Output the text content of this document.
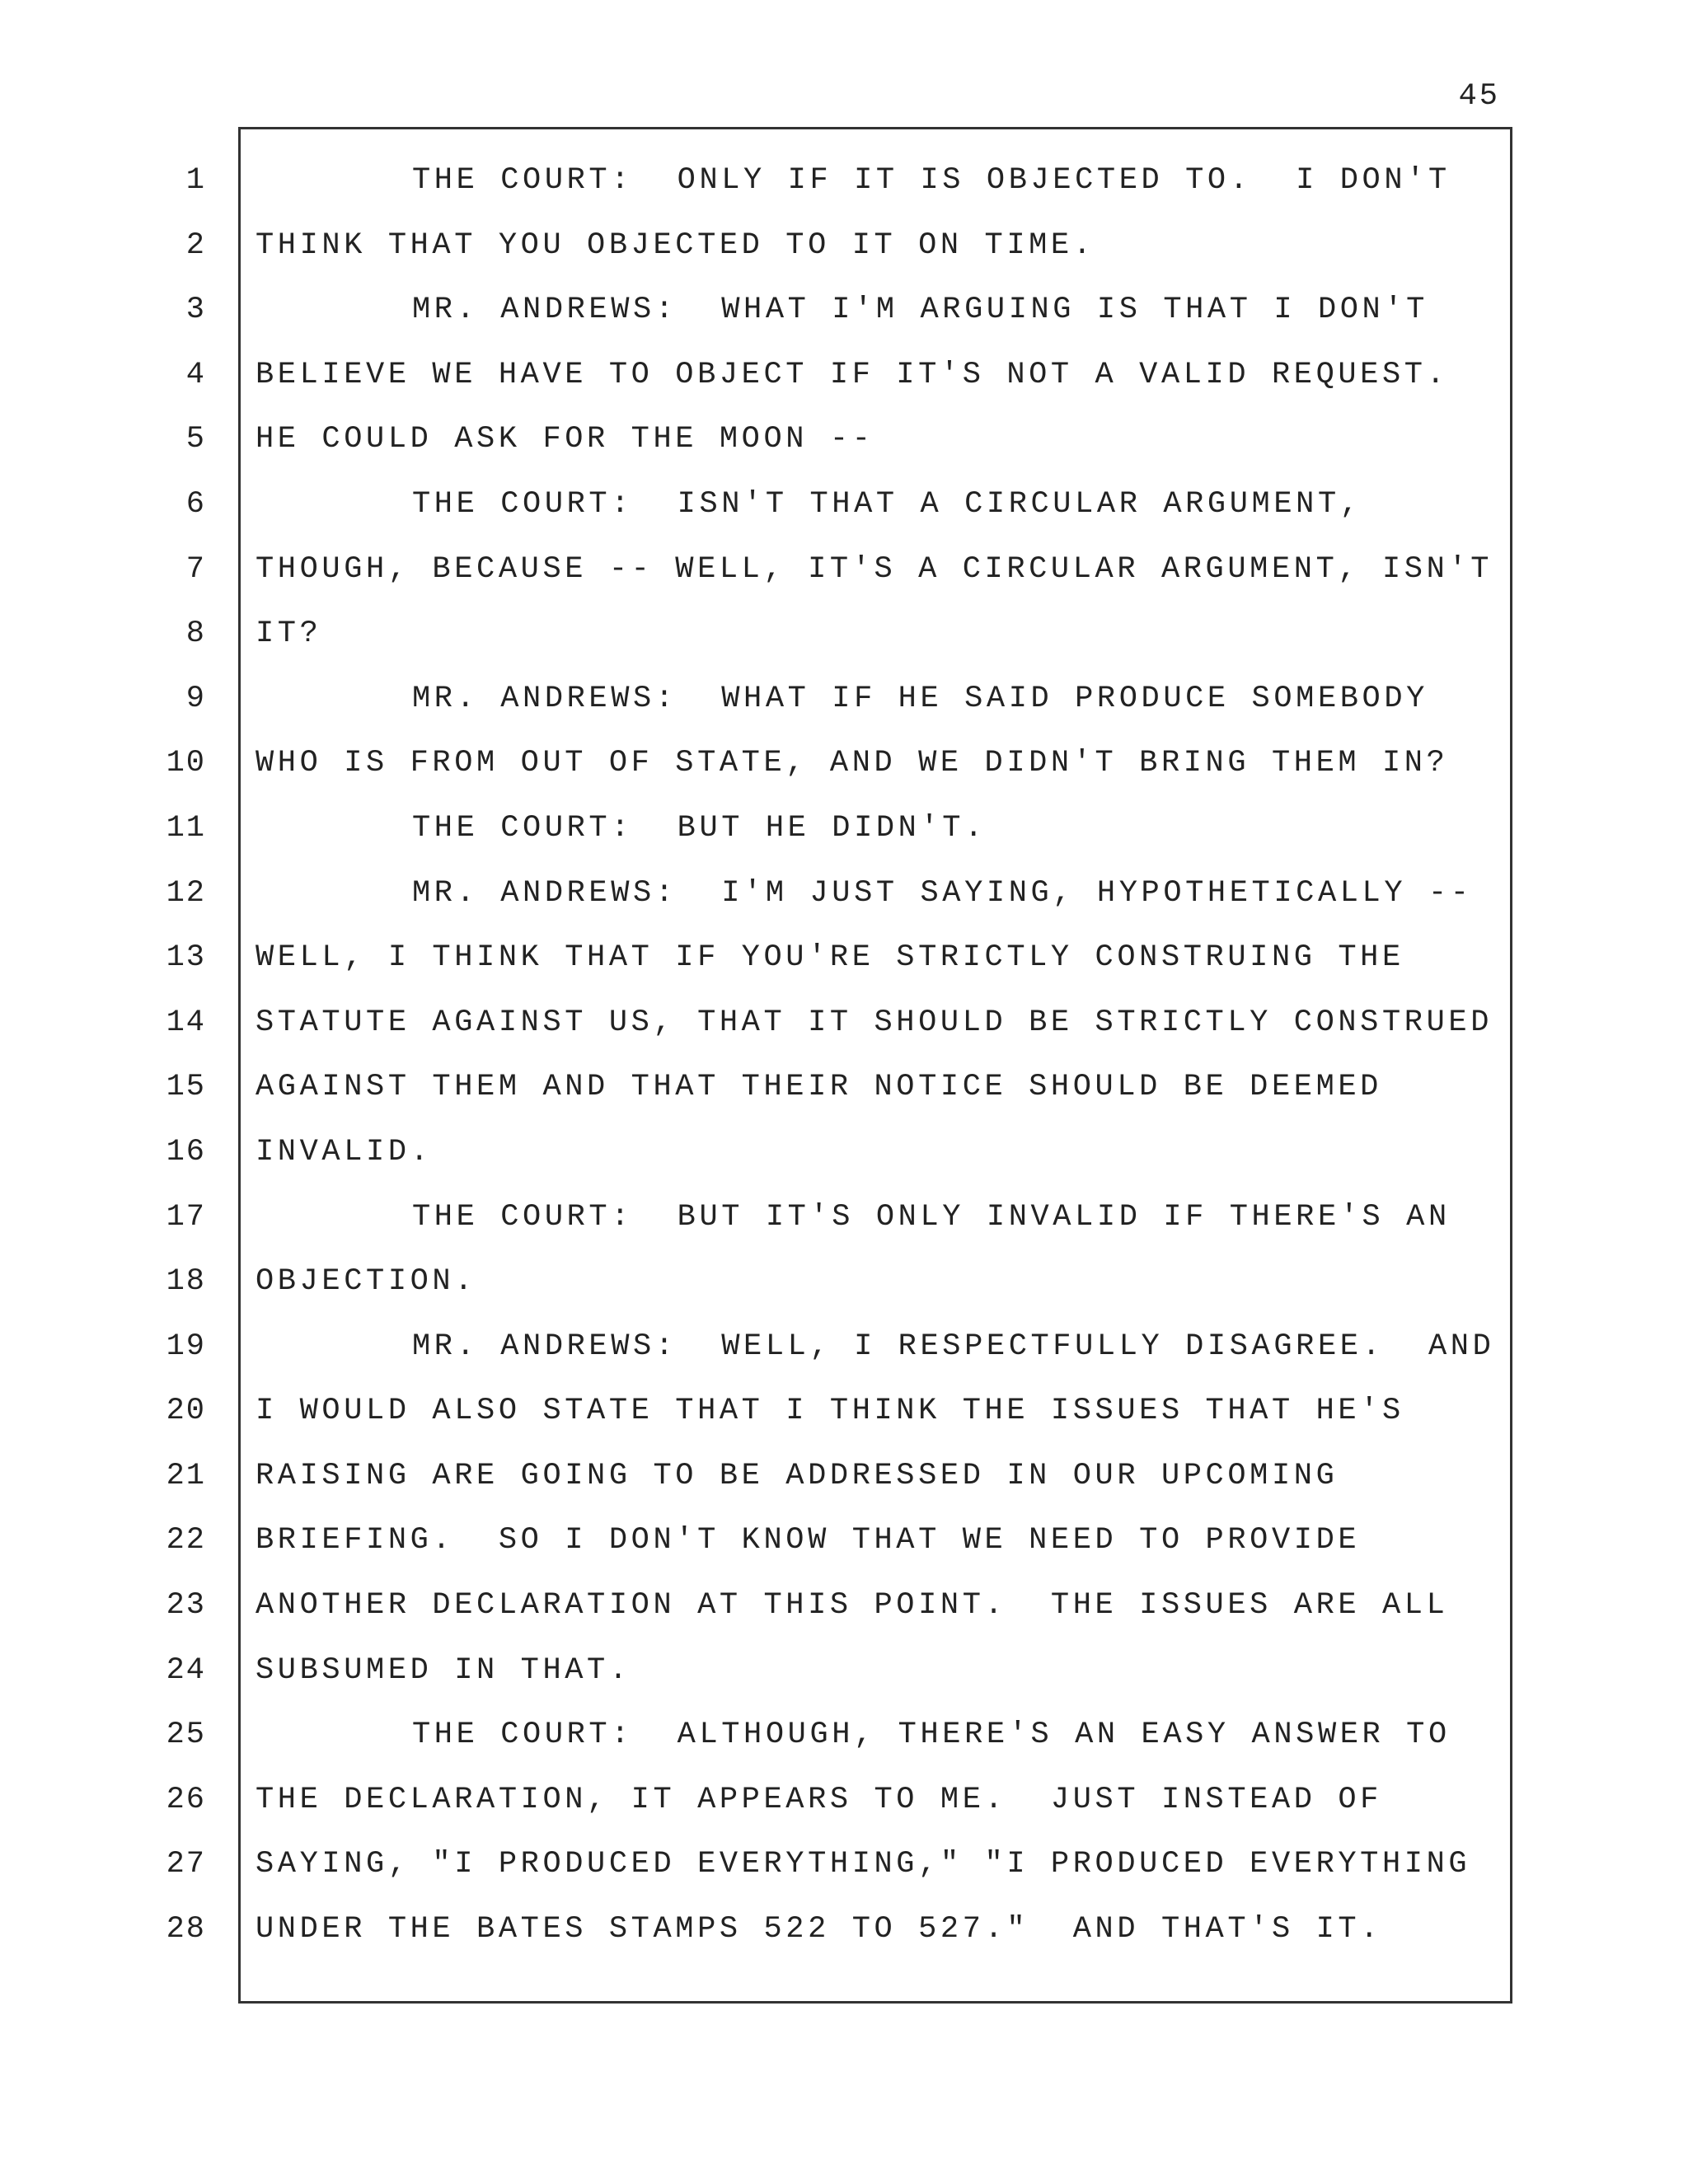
45
1
2
3
4
5
6
7
8
9
10
11
12
13
14
15
16
17
18
19
20
21
22
23
24
25
26
27
28
THE COURT:  ONLY IF IT IS OBJECTED TO.  I DON'T
THINK THAT YOU OBJECTED TO IT ON TIME.
MR. ANDREWS:  WHAT I'M ARGUING IS THAT I DON'T
BELIEVE WE HAVE TO OBJECT IF IT'S NOT A VALID REQUEST.
HE COULD ASK FOR THE MOON --
THE COURT:  ISN'T THAT A CIRCULAR ARGUMENT,
THOUGH, BECAUSE -- WELL, IT'S A CIRCULAR ARGUMENT, ISN'T
IT?
MR. ANDREWS:  WHAT IF HE SAID PRODUCE SOMEBODY
WHO IS FROM OUT OF STATE, AND WE DIDN'T BRING THEM IN?
THE COURT:  BUT HE DIDN'T.
MR. ANDREWS:  I'M JUST SAYING, HYPOTHETICALLY --
WELL, I THINK THAT IF YOU'RE STRICTLY CONSTRUING THE
STATUTE AGAINST US, THAT IT SHOULD BE STRICTLY CONSTRUED
AGAINST THEM AND THAT THEIR NOTICE SHOULD BE DEEMED
INVALID.
THE COURT:  BUT IT'S ONLY INVALID IF THERE'S AN
OBJECTION.
MR. ANDREWS:  WELL, I RESPECTFULLY DISAGREE.  AND
I WOULD ALSO STATE THAT I THINK THE ISSUES THAT HE'S
RAISING ARE GOING TO BE ADDRESSED IN OUR UPCOMING
BRIEFING.  SO I DON'T KNOW THAT WE NEED TO PROVIDE
ANOTHER DECLARATION AT THIS POINT.  THE ISSUES ARE ALL
SUBSUMED IN THAT.
THE COURT:  ALTHOUGH, THERE'S AN EASY ANSWER TO
THE DECLARATION, IT APPEARS TO ME.  JUST INSTEAD OF
SAYING, "I PRODUCED EVERYTHING," "I PRODUCED EVERYTHING
UNDER THE BATES STAMPS 522 TO 527."  AND THAT'S IT.
